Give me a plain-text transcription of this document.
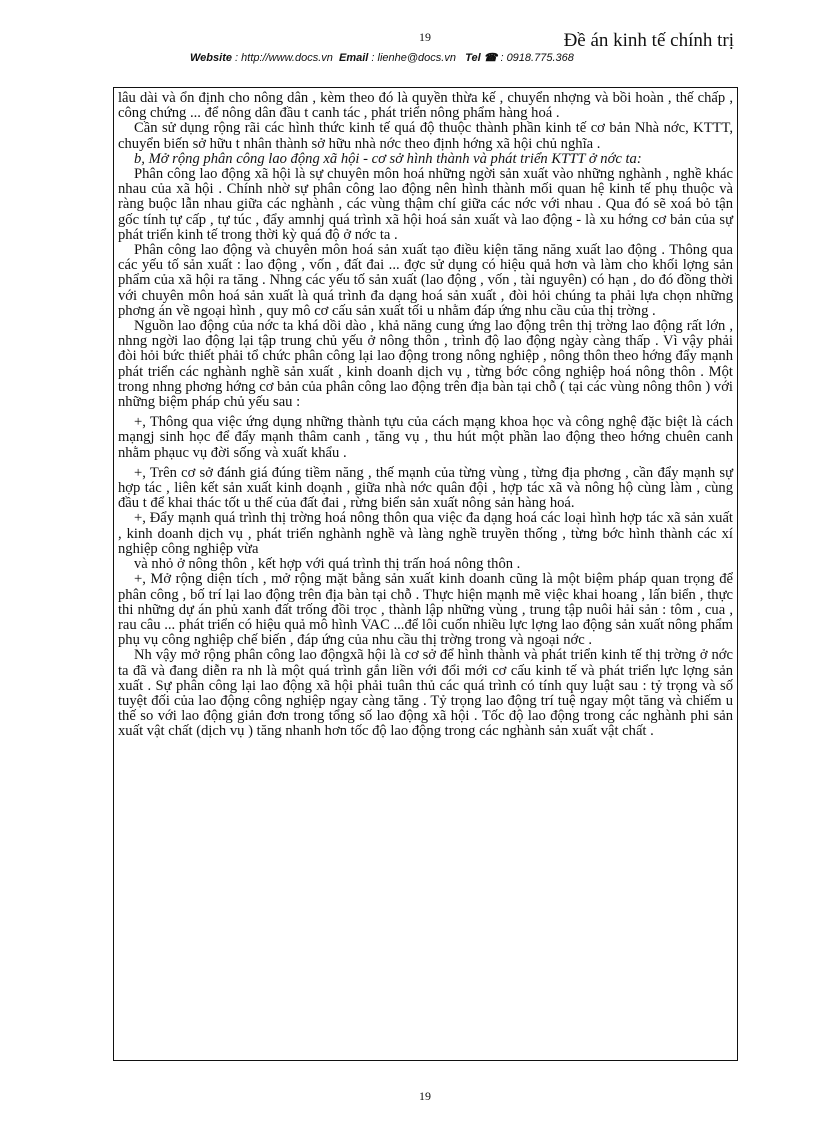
19	Đề án kinh tế chính trị
Website : http://www.docs.vn Email : lienhe@docs.vn Tel ☎ : 0918.775.368

lâu dài và ổn định cho nông dân , kèm theo đó là quyền thừa kế , chuyển nhợng và bồi hoàn , thế chấp , công chứng ... để nông dân đầu t canh tác , phát triển nông phẩm hàng hoá .

Cần sử dụng rộng rãi các hình thức kinh tế quá độ thuộc thành phần kinh tế cơ bản Nhà nớc, KTTT, chuyển biến sở hữu t nhân thành sở hữu nhà nớc theo định hớng xã hội chủ nghĩa .

b, Mở rộng phân công lao động xã hội - cơ sở hình thành và phát triển KTTT ở nớc ta:

Phân công lao động xã hội là sự chuyên môn hoá những ngời sản xuất vào những nghành , nghề khác nhau của xã hội . Chính nhờ sự phân công lao động nên hình thành mối quan hệ kinh tế phụ thuộc và ràng buộc lẫn nhau giữa các nghành , các vùng thậm chí giữa các nớc với nhau . Qua đó sẽ xoá bỏ tận gốc tính tự cấp , tự túc , đẩy amnhj quá trình xã hội hoá sản xuất và lao động - là xu hớng cơ bản của sự phát triển kinh tế trong thời kỳ quá độ ở nớc ta .

Phân công lao động và chuyên môn hoá sản xuất tạo điều kiện tăng năng xuất lao động . Thông qua các yếu tố sản xuất : lao động , vốn , đất đai ... đợc sử dụng có hiệu quả hơn và làm cho khối lợng sản phẩm của xã hội ra tăng . Nhng các yếu tố sản xuất (lao động , vốn , tài nguyên) có hạn , do đó đồng thời với chuyên môn hoá sản xuất là quá trình đa dạng hoá sản xuất , đòi hỏi chúng ta phải lựa chọn những phơng án về ngoại hình , quy mô cơ cấu sản xuất tối u nhằm đáp ứng nhu cầu của thị trờng .

Nguồn lao động của nớc ta khá dồi dào , khả năng cung ứng lao động trên thị trờng lao động rất lớn , nhng ngời lao động lại tập trung chủ yếu ở nông thôn , trình độ lao động ngày càng thấp . Vì vậy phải đòi hỏi bức thiết phải tổ chức phân công lại lao động trong nông nghiệp , nông thôn theo hớng đẩy mạnh phát triển các nghành nghề sản xuất , kinh doanh dịch vụ , từng bớc công nghiệp hoá nông thôn . Một trong nhng phơng hớng cơ bản của phân công lao động trên địa bàn tại chỗ ( tại các vùng nông thôn ) với những biệm pháp chủ yếu sau :

+, Thông qua việc ứng dụng những thành tựu của cách mạng khoa học và công nghệ đặc biệt là cách mạngj sinh học để đẩy mạnh thâm canh , tăng vụ , thu hút một phần lao động theo hớng chuên canh nhằm phạuc vụ đời sống và xuất khẩu .

+, Trên cơ sở đánh giá đúng tiềm năng , thế mạnh của từng vùng , từng địa phơng , cần đẩy mạnh sự hợp tác , liên kết sản xuất kinh doạnh , giữa nhà nớc quân đội , hợp tác xã và nông hộ cùng làm , cùng đầu t để khai thác tốt u thế của đất đai , rừng biển sản xuất nông sản hàng hoá.

+, Đẩy mạnh quá trình thị trờng hoá nông thôn qua việc đa dạng hoá các loại hình hợp tác xã sản xuất , kinh doanh dịch vụ , phát triển nghành nghề và làng nghề truyền thống , từng bớc hình thành các xí nghiệp công nghiệp vừa

và nhỏ ở nông thôn , kết hợp với quá trình thị trấn hoá nông thôn .

+, Mở rộng diện tích , mở rộng mặt bằng sản xuất kinh doanh cũng là một biệm pháp quan trọng để phân công , bố trí lại lao động trên địa bàn tại chỗ . Thực hiện mạnh mẽ việc khai hoang , lấn biển , thực thi những dự án phủ xanh đất trống đồi trọc , thành lập những vùng , trung tập nuôi hải sản : tôm , cua , rau câu ... phát triển có hiệu quả mô hình VAC ...để lôi cuốn nhiều lực lợng lao động sản xuất nông phẩm phụ vụ công nghiệp chế biến , đáp ứng của nhu cầu thị trờng trong và ngoại nớc .

Nh vậy mở rộng phân công lao độngxã hội là cơ sở để hình thành và phát triển kinh tế thị trờng ở nớc ta đã và đang diễn ra nh là một quá trình gắn liền với đổi mới cơ cấu kinh tế và phát triển lực lợng sản xuất . Sự phân công lại lao động xã hội phải tuân thủ các quá trình có tính quy luật sau : tỷ trọng và số tuyệt đối của lao động công nghiệp ngay càng tăng . Tỷ trọng lao động trí tuệ ngay một tăng và chiếm u thế so với lao động giản đơn trong tổng số lao động xã hội . Tốc độ lao động trong các nghành phi sản xuất vật chất (dịch vụ ) tăng nhanh hơn tốc độ lao động trong các nghành sản xuất vật chất .

19
